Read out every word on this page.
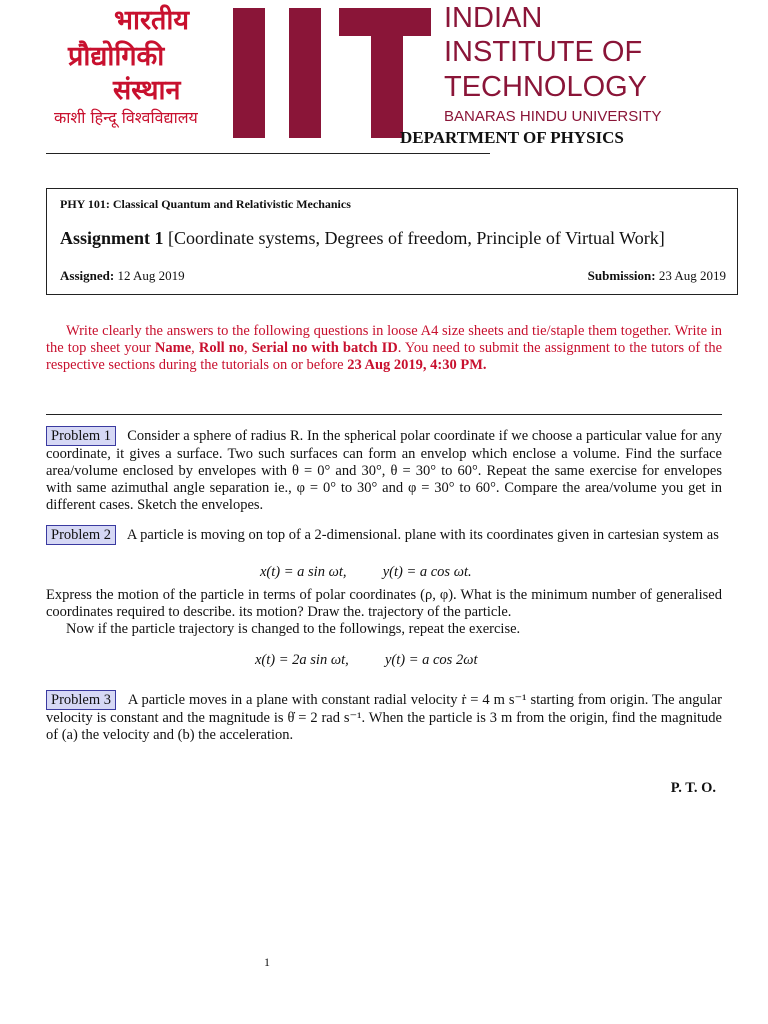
भारतीय
प्रौद्योगिकी
संस्थान
काशी हिन्दू विश्वविद्यालय
INDIAN
INSTITUTE OF
TECHNOLOGY
BANARAS HINDU UNIVERSITY
DEPARTMENT OF PHYSICS
PHY 101: Classical Quantum and Relativistic Mechanics
Assignment 1 [Coordinate systems, Degrees of freedom, Principle of Virtual Work]
Assigned: 12 Aug 2019	Submission: 23 Aug 2019
Write clearly the answers to the following questions in loose A4 size sheets and tie/staple them together. Write in the top sheet your Name, Roll no, Serial no with batch ID. You need to submit the assignment to the tutors of the respective sections during the tutorials on or before 23 Aug 2019, 4:30 PM.
Problem 1 Consider a sphere of radius R. In the spherical polar coordinate if we choose a particular value for any coordinate, it gives a surface. Two such surfaces can form an envelop which enclose a volume. Find the surface area/volume enclosed by envelopes with θ = 0° and 30°, θ = 30° to 60°. Repeat the same exercise for envelopes with same azimuthal angle separation ie., φ = 0° to 30° and φ = 30° to 60°. Compare the area/volume you get in different cases. Sketch the envelopes.
Problem 2 A particle is moving on top of a 2-dimensional. plane with its coordinates given in cartesian system as
x(t) = a sin ωt,          y(t) = a cos ωt.
Express the motion of the particle in terms of polar coordinates (ρ, φ). What is the minimum number of generalised coordinates required to describe. its motion? Draw the. trajectory of the particle.
Now if the particle trajectory is changed to the followings, repeat the exercise.
x(t) = 2a sin ωt,          y(t) = a cos 2ωt
Problem 3 A particle moves in a plane with constant radial velocity ṙ = 4 m s⁻¹ starting from origin. The angular velocity is constant and the magnitude is θ̇ = 2 rad s⁻¹. When the particle is 3 m from the origin, find the magnitude of (a) the velocity and (b) the acceleration.
P. T. O.
1
